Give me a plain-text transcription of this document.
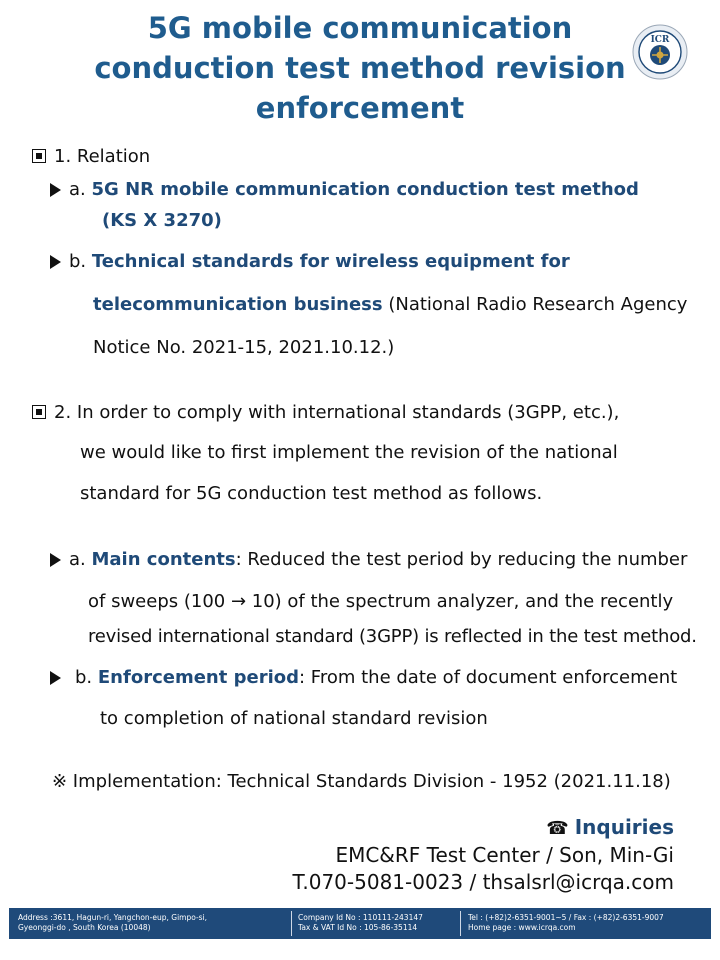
5G mobile communication
conduction test method revision
enforcement
ICR
1. Relation
a. 5G NR mobile communication conduction test method
(KS X 3270)
b. Technical standards for wireless equipment for
telecommunication business (National Radio Research Agency
Notice No. 2021-15, 2021.10.12.)
2. In order to comply with international standards (3GPP, etc.),
we would like to first implement the revision of the national
standard for 5G conduction test method as follows.
a. Main contents: Reduced the test period by reducing the number
of sweeps (100 → 10) of the spectrum analyzer, and the recently
revised international standard (3GPP) is reflected in the test method.
b. Enforcement period: From the date of document enforcement
to completion of national standard revision
※ Implementation: Technical Standards Division - 1952 (2021.11.18)
☎ Inquiries
EMC&RF Test Center / Son, Min-Gi
T.070-5081-0023 / thsalsrl@icrqa.com
Address :3611, Hagun-ri, Yangchon-eup, Gimpo-si,
Gyeonggi-do , South Korea (10048)
Company Id No : 110111-243147
Tax & VAT Id No : 105-86-35114
Tel : (+82)2-6351-9001~5 / Fax : (+82)2-6351-9007
Home page : www.icrqa.com
